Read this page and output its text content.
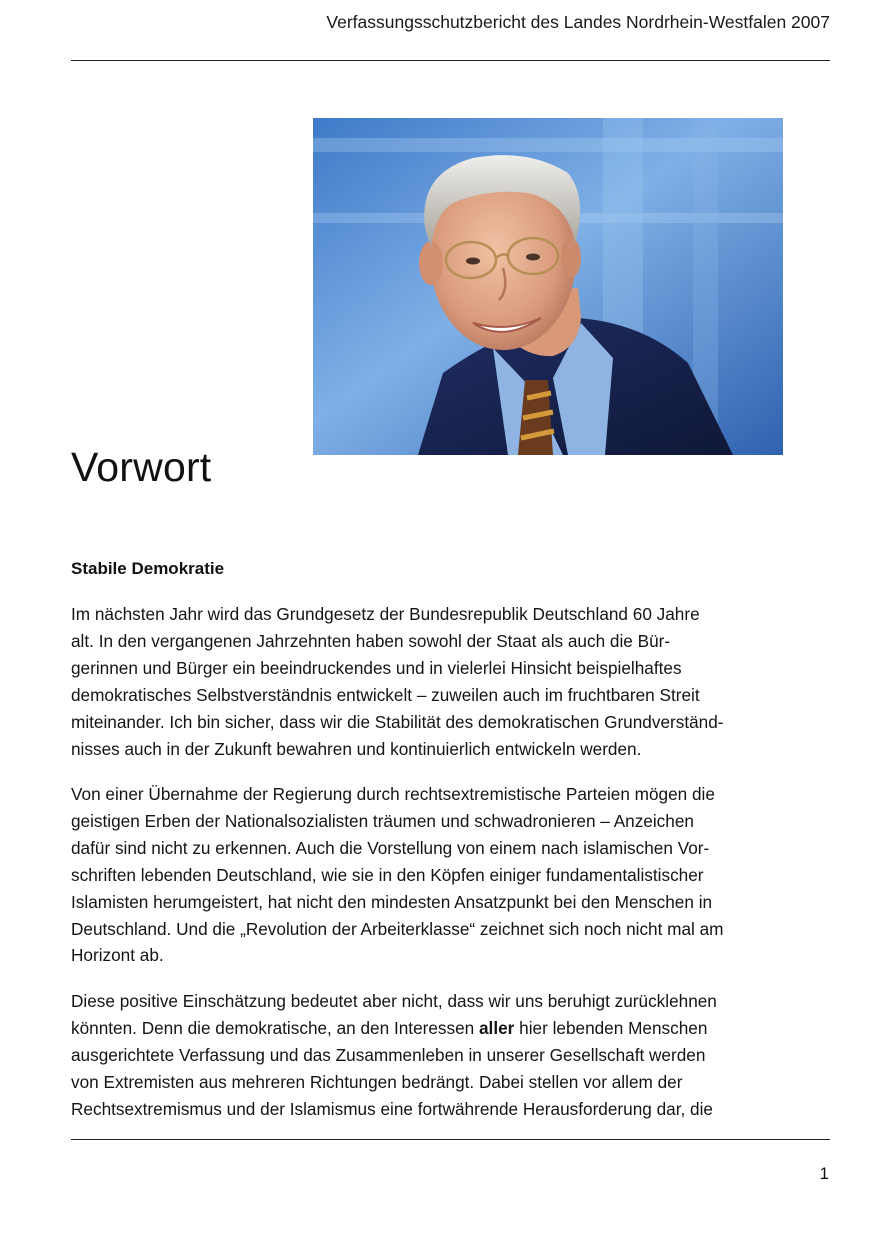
Verfassungsschutzbericht des Landes Nordrhein-Westfalen 2007
Vorwort
Stabile Demokratie

Im nächsten Jahr wird das Grundgesetz der Bundesrepublik Deutschland 60 Jahre
alt. In den vergangenen Jahrzehnten haben sowohl der Staat als auch die Bür-
gerinnen und Bürger ein beeindruckendes und in vielerlei Hinsicht beispielhaftes
demokratisches Selbstverständnis entwickelt – zuweilen auch im fruchtbaren Streit
miteinander. Ich bin sicher, dass wir die Stabilität des demokratischen Grundverständ-
nisses auch in der Zukunft bewahren und kontinuierlich entwickeln werden.

Von einer Übernahme der Regierung durch rechtsextremistische Parteien mögen die
geistigen Erben der Nationalsozialisten träumen und schwadronieren – Anzeichen
dafür sind nicht zu erkennen. Auch die Vorstellung von einem nach islamischen Vor-
schriften lebenden Deutschland, wie sie in den Köpfen einiger fundamentalistischer
Islamisten herumgeistert, hat nicht den mindesten Ansatzpunkt bei den Menschen in
Deutschland. Und die „Revolution der Arbeiterklasse“ zeichnet sich noch nicht mal am
Horizont ab.

Diese positive Einschätzung bedeutet aber nicht, dass wir uns beruhigt zurücklehnen
könnten. Denn die demokratische, an den Interessen aller hier lebenden Menschen
ausgerichtete Verfassung und das Zusammenleben in unserer Gesellschaft werden
von Extremisten aus mehreren Richtungen bedrängt. Dabei stellen vor allem der
Rechtsextremismus und der Islamismus eine fortwährende Herausforderung dar, die

1
